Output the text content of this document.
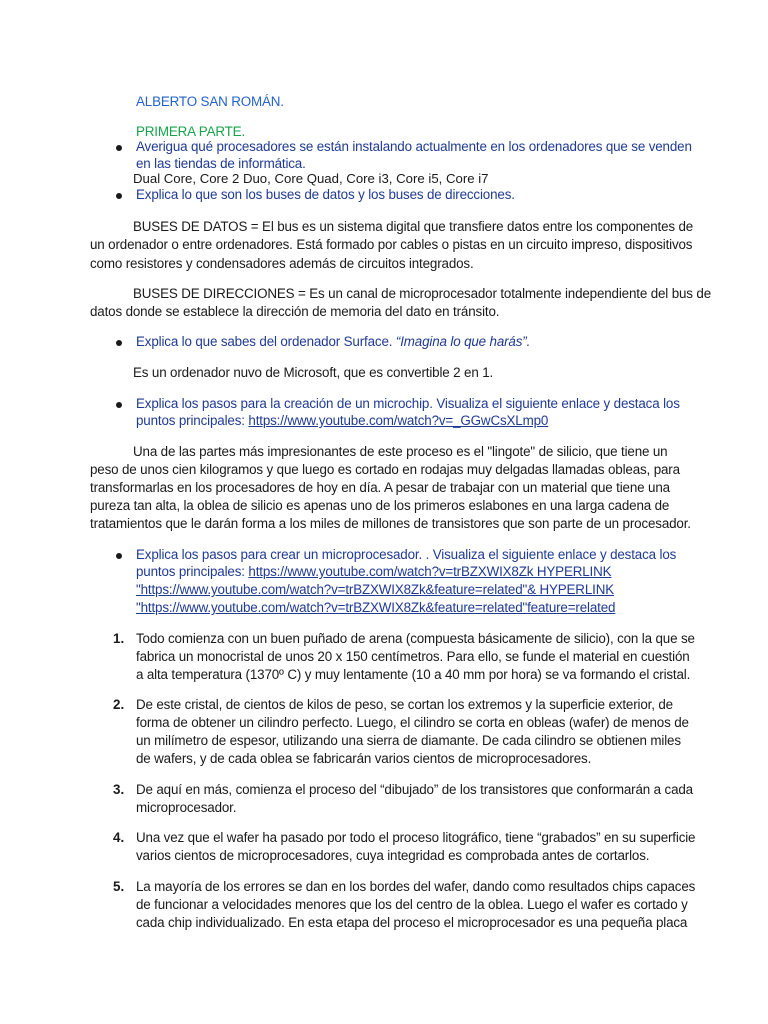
ALBERTO SAN ROMÁN.
PRIMERA PARTE.
Averigua qué procesadores se están instalando actualmente en los ordenadores que se venden
en las tiendas de informática.
Dual Core, Core 2 Duo, Core Quad, Core i3, Core i5, Core i7
Explica lo que son los buses de datos y los buses de direcciones.
BUSES DE DATOS = El bus es un sistema digital que transfiere datos entre los componentes de
un ordenador o entre ordenadores. Está formado por cables o pistas en un circuito impreso, dispositivos
como resistores y condensadores además de circuitos integrados.
BUSES DE DIRECCIONES = Es un canal de microprocesador totalmente independiente del bus de
datos donde se establece la dirección de memoria del dato en tránsito.
Explica lo que sabes del ordenador Surface. “Imagina lo que harás”.
Es un ordenador nuvo de Microsoft, que es convertible 2 en 1.
Explica los pasos para la creación de un microchip. Visualiza el siguiente enlace y destaca los
puntos principales: https://www.youtube.com/watch?v=_GGwCsXLmp0
Una de las partes más impresionantes de este proceso es el "lingote" de silicio, que tiene un
peso de unos cien kilogramos y que luego es cortado en rodajas muy delgadas llamadas obleas, para
transformarlas en los procesadores de hoy en día. A pesar de trabajar con un material que tiene una
pureza tan alta, la oblea de silicio es apenas uno de los primeros eslabones en una larga cadena de
tratamientos que le darán forma a los miles de millones de transistores que son parte de un procesador.
Explica los pasos para crear un microprocesador. . Visualiza el siguiente enlace y destaca los
puntos principales: https://www.youtube.com/watch?v=trBZXWIX8Zk HYPERLINK
"https://www.youtube.com/watch?v=trBZXWIX8Zk&feature=related"& HYPERLINK
"https://www.youtube.com/watch?v=trBZXWIX8Zk&feature=related"feature=related
1. Todo comienza con un buen puñado de arena (compuesta básicamente de silicio), con la que se
fabrica un monocristal de unos 20 x 150 centímetros. Para ello, se funde el material en cuestión
a alta temperatura (1370º C) y muy lentamente (10 a 40 mm por hora) se va formando el cristal.
2. De este cristal, de cientos de kilos de peso, se cortan los extremos y la superficie exterior, de
forma de obtener un cilindro perfecto. Luego, el cilindro se corta en obleas (wafer) de menos de
un milímetro de espesor, utilizando una sierra de diamante. De cada cilindro se obtienen miles
de wafers, y de cada oblea se fabricarán varios cientos de microprocesadores.
3. De aquí en más, comienza el proceso del “dibujado” de los transistores que conformarán a cada
microprocesador.
4. Una vez que el wafer ha pasado por todo el proceso litográfico, tiene “grabados” en su superficie
varios cientos de microprocesadores, cuya integridad es comprobada antes de cortarlos.
5. La mayoría de los errores se dan en los bordes del wafer, dando como resultados chips capaces
de funcionar a velocidades menores que los del centro de la oblea. Luego el wafer es cortado y
cada chip individualizado. En esta etapa del proceso el microprocesador es una pequeña placa
